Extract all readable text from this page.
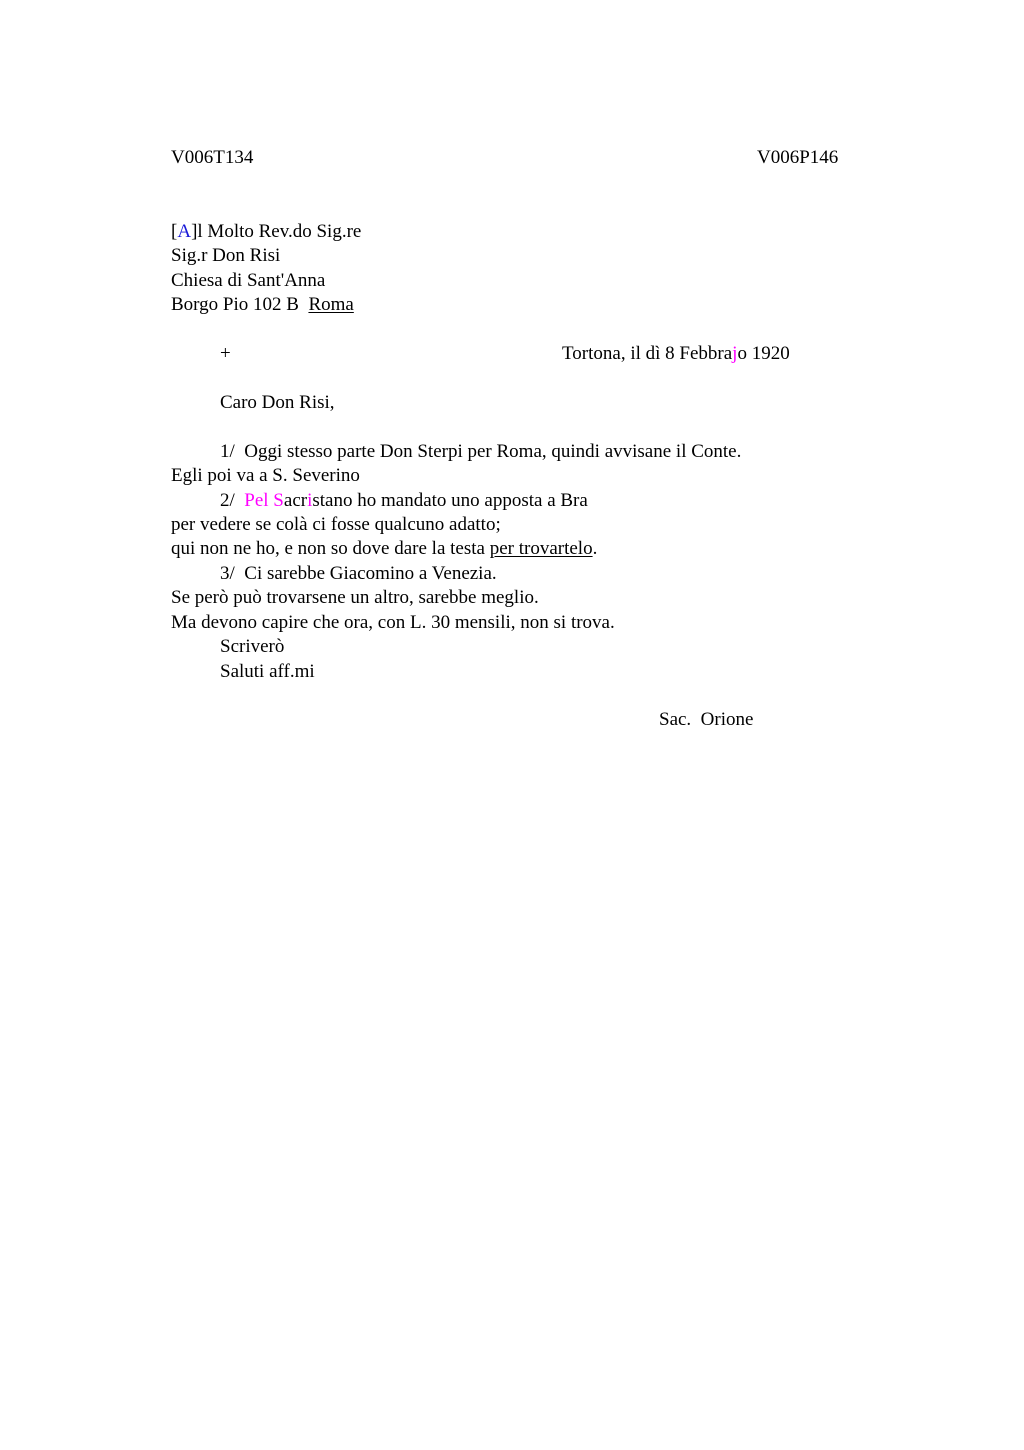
V006T134	V006P146
[A]l Molto Rev.do Sig.re
Sig.r Don Risi
Chiesa di Sant'Anna
Borgo Pio 102 B  Roma
+	Tortona, il dì 8 Febbrajo 1920
Caro Don Risi,
1/  Oggi stesso parte Don Sterpi per Roma, quindi avvisane il Conte.
Egli poi va a S. Severino
2/  Pel Sacristano ho mandato uno apposta a Bra
per vedere se colà ci fosse qualcuno adatto;
qui non ne ho, e non so dove dare la testa per trovartelo.
3/  Ci sarebbe Giacomino a Venezia.
Se però può trovarsene un altro, sarebbe meglio.
Ma devono capire che ora, con L. 30 mensili, non si trova.
Scriverò
Saluti aff.mi
Sac.  Orione
